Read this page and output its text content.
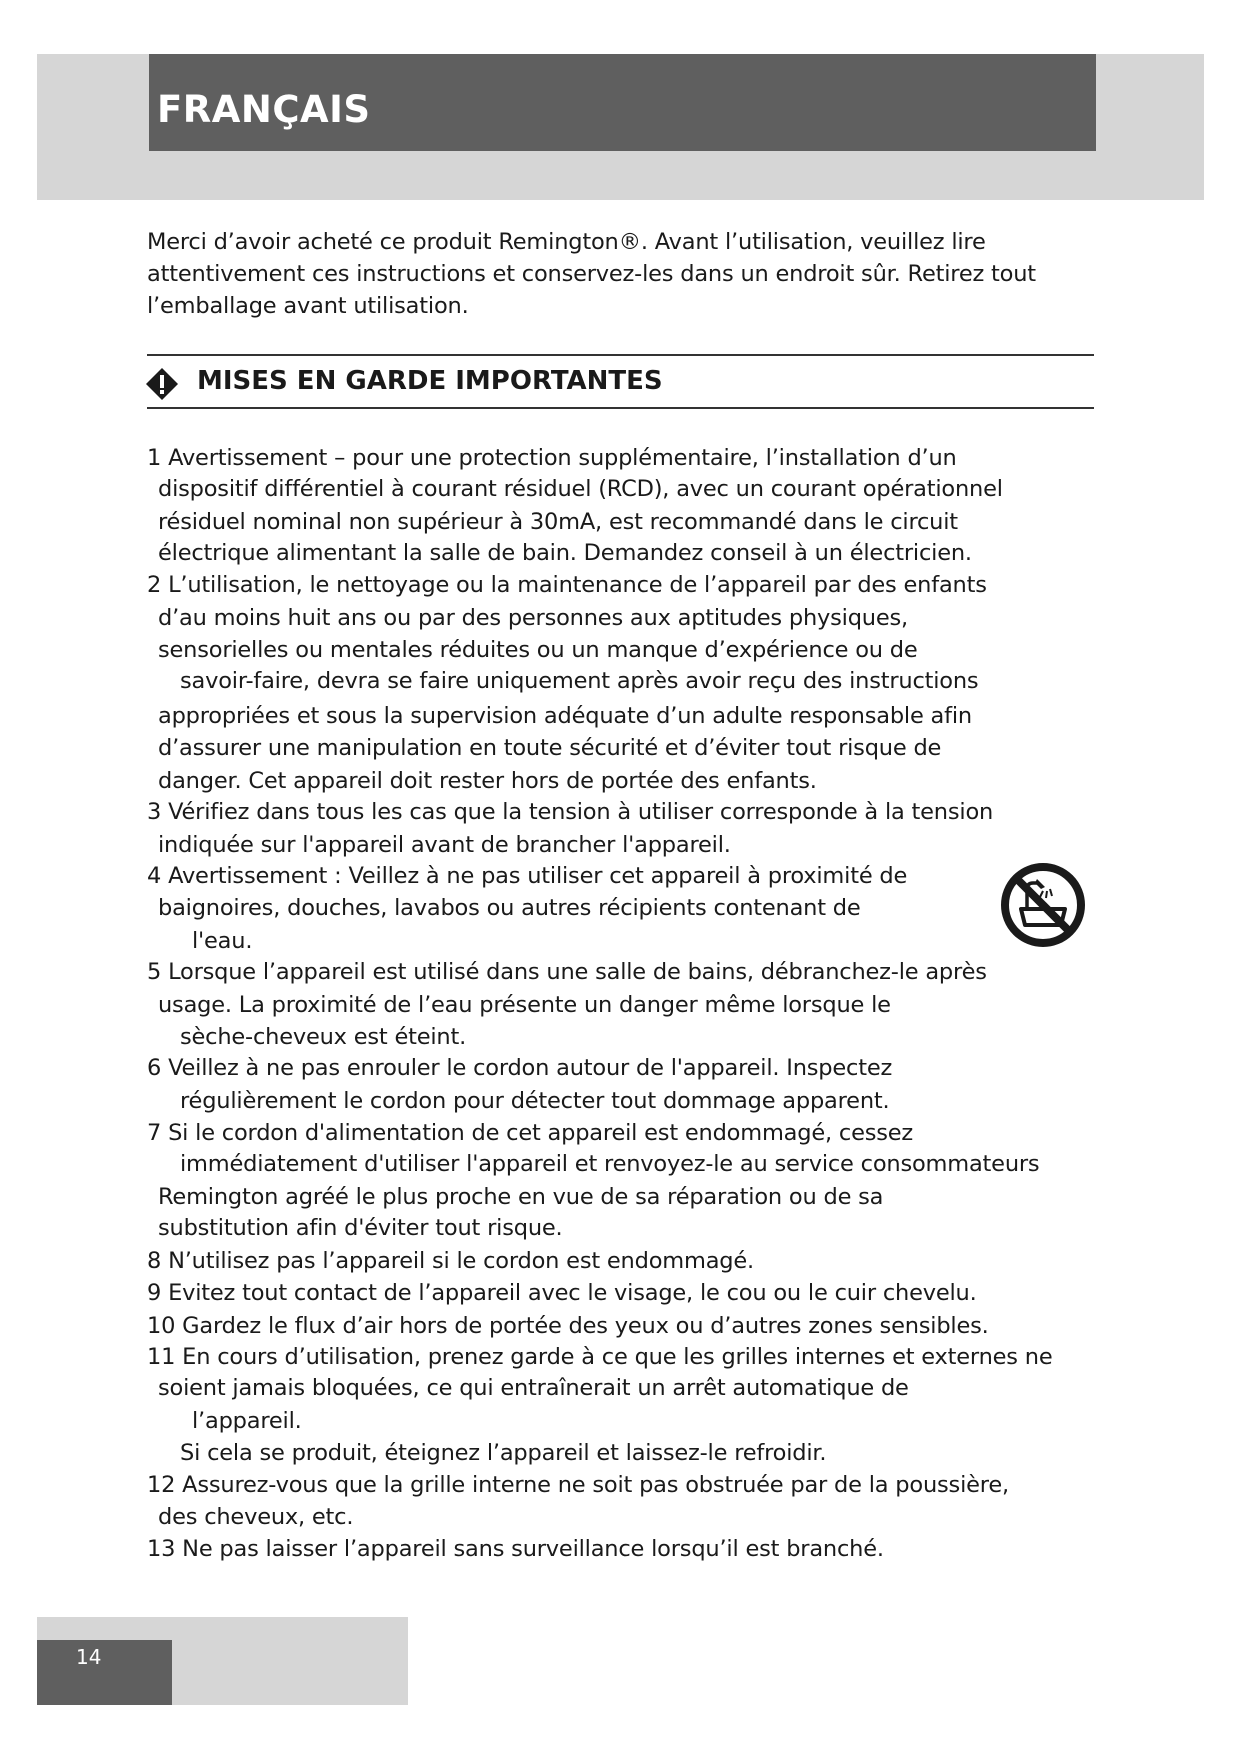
FRANÇAIS
Merci d’avoir acheté ce produit Remington®. Avant l’utilisation, veuillez lire attentivement ces instructions et conservez-les dans un endroit sûr. Retirez tout l’emballage avant utilisation.
MISES EN GARDE IMPORTANTES
1 Avertissement – pour une protection supplémentaire, l’installation d’un
dispositif différentiel à courant résiduel (RCD), avec un courant opérationnel
résiduel nominal non supérieur à 30mA, est recommandé dans le circuit
électrique alimentant la salle de bain. Demandez conseil à un électricien.
2 L’utilisation, le nettoyage ou la maintenance de l’appareil par des enfants
d’au moins huit ans ou par des personnes aux aptitudes physiques,
sensorielles ou mentales réduites ou un manque d’expérience ou de
savoir-faire, devra se faire uniquement après avoir reçu des instructions
appropriées et sous la supervision adéquate d’un adulte responsable afin
d’assurer une manipulation en toute sécurité et d’éviter tout risque de
danger. Cet appareil doit rester hors de portée des enfants.
3 Vérifiez dans tous les cas que la tension à utiliser corresponde à la tension
indiquée sur l'appareil avant de brancher l'appareil.
4 Avertissement : Veillez à ne pas utiliser cet appareil à proximité de
baignoires, douches, lavabos ou autres récipients contenant de
l'eau.
5 Lorsque l’appareil est utilisé dans une salle de bains, débranchez-le après
usage. La proximité de l’eau présente un danger même lorsque le
sèche-cheveux est éteint.
6 Veillez à ne pas enrouler le cordon autour de l'appareil. Inspectez
régulièrement le cordon pour détecter tout dommage apparent.
7 Si le cordon d'alimentation de cet appareil est endommagé, cessez
immédiatement d'utiliser l'appareil et renvoyez-le au service consommateurs
Remington agréé le plus proche en vue de sa réparation ou de sa
substitution afin d'éviter tout risque.
8 N’utilisez pas l’appareil si le cordon est endommagé.
9 Evitez tout contact de l’appareil avec le visage, le cou ou le cuir chevelu.
10 Gardez le flux d’air hors de portée des yeux ou d’autres zones sensibles.
11 En cours d’utilisation, prenez garde à ce que les grilles internes et externes ne
soient jamais bloquées, ce qui entraînerait un arrêt automatique de
l’appareil.
Si cela se produit, éteignez l’appareil et laissez-le refroidir.
12 Assurez-vous que la grille interne ne soit pas obstruée par de la poussière,
des cheveux, etc.
13 Ne pas laisser l’appareil sans surveillance lorsqu’il est branché.
14
